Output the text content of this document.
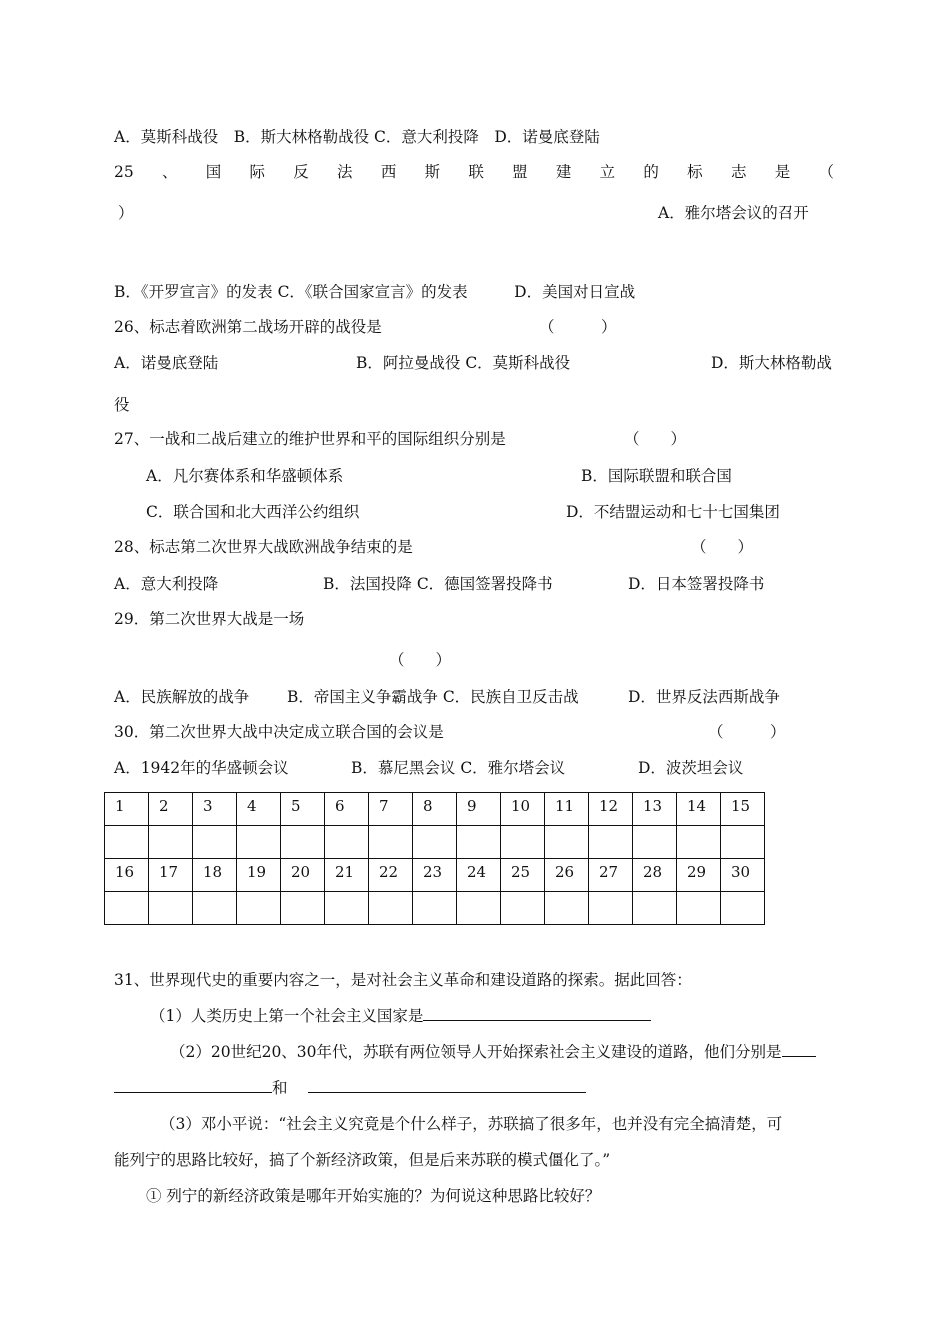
A．莫斯科战役　B．斯大林格勒战役 C．意大利投降　D．诺曼底登陆
25 、 国 际 反 法 西 斯 联 盟 建 立 的 标 志 是 （
）	A．雅尔塔会议的召开
B．《开罗宣言》的发表 C．《联合国家宣言》的发表　　　D．美国对日宣战
26、标志着欧洲第二战场开辟的战役是	（　　　）
A．诺曼底登陆	B．阿拉曼战役 C．莫斯科战役	D．斯大林格勒战
役
27、一战和二战后建立的维护世界和平的国际组织分别是	（　　）
A．凡尔赛体系和华盛顿体系	B．国际联盟和联合国
C．联合国和北大西洋公约组织	D．不结盟运动和七十七国集团
28、标志第二次世界大战欧洲战争结束的是	（　　）
A．意大利投降	B．法国投降 C．德国签署投降书	D．日本签署投降书
29．第二次世界大战是一场
（　　）
A．民族解放的战争 B．帝国主义争霸战争 C．民族自卫反击战	D．世界反法西斯战争
30．第二次世界大战中决定成立联合国的会议是	（　　　）
A．1942年的华盛顿会议	B．慕尼黑会议 C．雅尔塔会议	D．波茨坦会议
1	2	3	4	5	6	7	8	9	10	11	12	13	14	15

16	17	18	19	20	21	22	23	24	25	26	27	28	29	30

31、世界现代史的重要内容之一，是对社会主义革命和建设道路的探索。据此回答：
（1）人类历史上第一个社会主义国家是
（2）20世纪20、30年代，苏联有两位领导人开始探索社会主义建设的道路，他们分别是
和
（3）邓小平说：“社会主义究竟是个什么样子，苏联搞了很多年，也并没有完全搞清楚，可
能列宁的思路比较好，搞了个新经济政策，但是后来苏联的模式僵化了。”
① 列宁的新经济政策是哪年开始实施的？为何说这种思路比较好？
